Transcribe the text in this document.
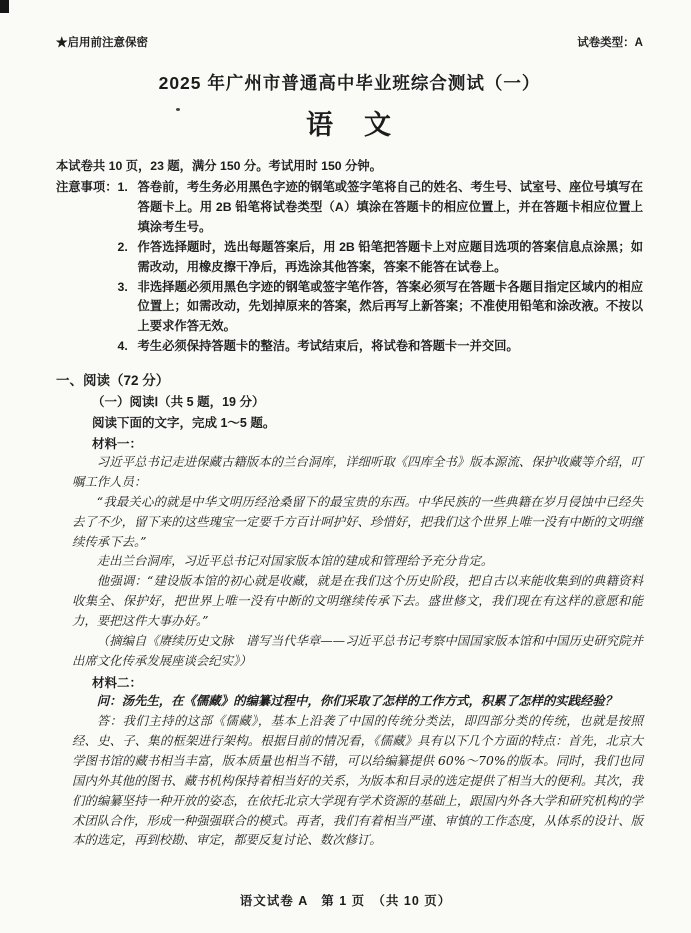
★启用前注意保密	试卷类型：A
2025 年广州市普通高中毕业班综合测试（一）
语　文

本试卷共 10 页，23 题，满分 150 分。考试用时 150 分钟。

注意事项： 1. 答卷前，考生务必用黑色字迹的钢笔或签字笔将自己的姓名、考生号、试室号、座位号填写在答题卡上。用 2B 铅笔将试卷类型（A）填涂在答题卡的相应位置上，并在答题卡相应位置上填涂考生号。
2. 作答选择题时，选出每题答案后，用 2B 铅笔把答题卡上对应题目选项的答案信息点涂黑；如需改动，用橡皮擦干净后，再选涂其他答案，答案不能答在试卷上。
3. 非选择题必须用黑色字迹的钢笔或签字笔作答，答案必须写在答题卡各题目指定区域内的相应位置上；如需改动，先划掉原来的答案，然后再写上新答案；不准使用铅笔和涂改液。不按以上要求作答无效。
4. 考生必须保持答题卡的整洁。考试结束后，将试卷和答题卡一并交回。
一、阅读（72 分）

（一）阅读Ⅰ（共 5 题，19 分）

阅读下面的文字，完成 1～5 题。

材料一：

习近平总书记走进保藏古籍版本的兰台洞库，详细听取《四库全书》版本源流、保护收藏等介绍，叮嘱工作人员：

“我最关心的就是中华文明历经沧桑留下的最宝贵的东西。中华民族的一些典籍在岁月侵蚀中已经失去了不少，留下来的这些瑰宝一定要千方百计呵护好、珍惜好，把我们这个世界上唯一没有中断的文明继续传承下去。”

走出兰台洞库，习近平总书记对国家版本馆的建成和管理给予充分肯定。

他强调：“建设版本馆的初心就是收藏，就是在我们这个历史阶段，把自古以来能收集到的典籍资料收集全、保护好，把世界上唯一没有中断的文明继续传承下去。盛世修文，我们现在有这样的意愿和能力，要把这件大事办好。”

（摘编自《赓续历史文脉　谱写当代华章——习近平总书记考察中国国家版本馆和中国历史研究院并出席文化传承发展座谈会纪实》）

材料二：

问：汤先生，在《儒藏》的编纂过程中，你们采取了怎样的工作方式，积累了怎样的实践经验？

答：我们主持的这部《儒藏》，基本上沿袭了中国的传统分类法，即四部分类的传统，也就是按照经、史、子、集的框架进行架构。根据目前的情况看，《儒藏》具有以下几个方面的特点：首先，北京大学图书馆的藏书相当丰富，版本质量也相当不错，可以给编纂提供 60%～70%的版本。同时，我们也同国内外其他的图书、藏书机构保持着相当好的关系，为版本和目录的选定提供了相当大的便利。其次，我们的编纂坚持一种开放的姿态，在依托北京大学现有学术资源的基础上，跟国内外各大学和研究机构的学术团队合作，形成一种强强联合的模式。再者，我们有着相当严谨、审慎的工作态度，从体系的设计、版本的选定，再到校勘、审定，都要反复讨论、数次修订。

语文试卷 A　第 1 页　（共 10 页）
